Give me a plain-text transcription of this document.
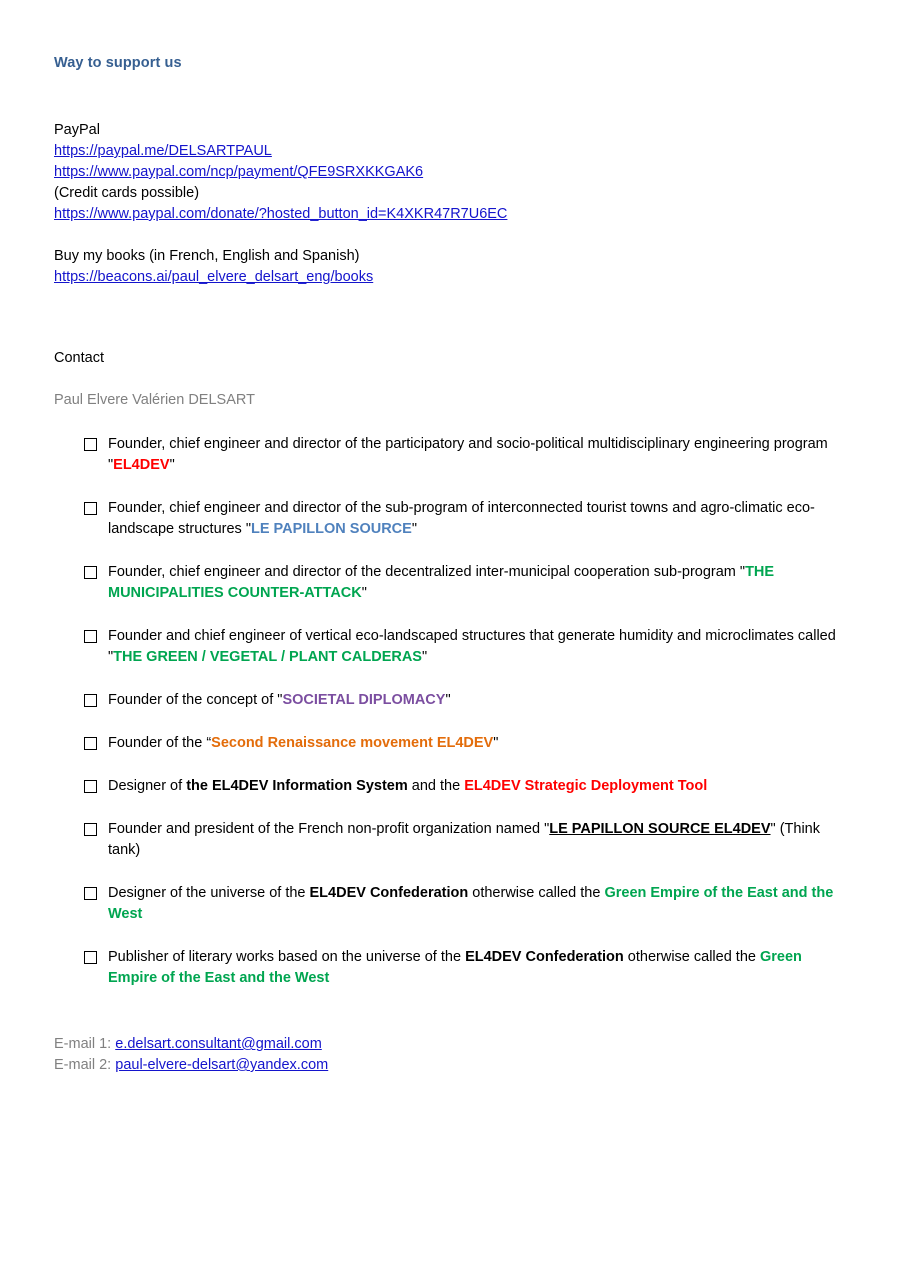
Way to support us
PayPal
https://paypal.me/DELSARTPAUL
https://www.paypal.com/ncp/payment/QFE9SRXKKGAK6
(Credit cards possible)
https://www.paypal.com/donate/?hosted_button_id=K4XKR47R7U6EC
Buy my books (in French, English and Spanish)
https://beacons.ai/paul_elvere_delsart_eng/books
Contact
Paul Elvere Valérien DELSART
Founder, chief engineer and director of the participatory and socio-political multidisciplinary engineering program "EL4DEV"
Founder, chief engineer and director of the sub-program of interconnected tourist towns and agro-climatic eco-landscape structures "LE PAPILLON SOURCE"
Founder, chief engineer and director of the decentralized inter-municipal cooperation sub-program "THE MUNICIPALITIES COUNTER-ATTACK"
Founder and chief engineer of vertical eco-landscaped structures that generate humidity and microclimates called "THE GREEN / VEGETAL / PLANT CALDERAS"
Founder of the concept of "SOCIETAL DIPLOMACY"
Founder of the “Second Renaissance movement EL4DEV"
Designer of the EL4DEV Information System and the EL4DEV Strategic Deployment Tool
Founder and president of the French non-profit organization named "LE PAPILLON SOURCE EL4DEV" (Think tank)
Designer of the universe of the EL4DEV Confederation otherwise called the Green Empire of the East and the West
Publisher of literary works based on the universe of the EL4DEV Confederation otherwise called the Green Empire of the East and the West
E-mail 1: e.delsart.consultant@gmail.com
E-mail 2: paul-elvere-delsart@yandex.com
